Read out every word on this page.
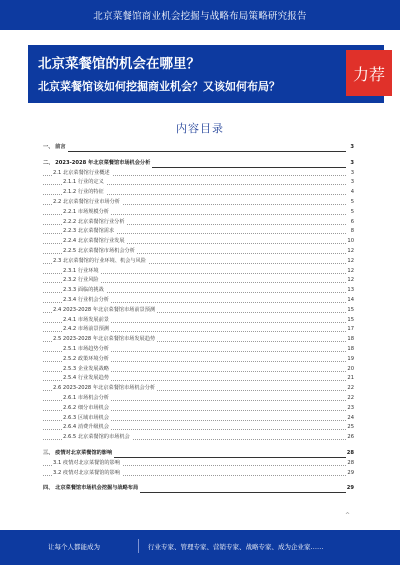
北京菜餐馆商业机会挖掘与战略布局策略研究报告
北京菜餐馆的机会在哪里？
北京菜餐馆该如何挖掘商业机会？又该如何布局？
力荐
内容目录
一、 前言	3
二、 2023-2028 年北京菜餐馆市场机会分析	3
2.1 北京菜餐馆行业概述	3
2.1.1 行业的定义	3
2.1.2 行业的特征	4
2.2 北京菜餐馆行业市场分析	5
2.2.1 市场规模分析	5
2.2.2 北京菜餐馆行业分析	6
2.2.3 北京菜餐馆需求	8
2.2.4 北京菜餐馆行业发展	10
2.2.5 北京菜餐馆市场机会分析	12
2.3 北京菜餐馆的行业环境、机会与风险	12
2.3.1 行业环境	12
2.3.2 行业风险	12
2.3.3 面临的挑战	13
2.3.4 行业机会分析	14
2.4 2023-2028 年北京菜餐馆市场前景预测	15
2.4.1 市场发展前景	15
2.4.2 市场前景预测	17
2.5 2023-2028 年北京菜餐馆市场发展趋势	18
2.5.1 市场趋势分析	18
2.5.2 政策环境分析	19
2.5.3 企业发展战略	20
2.5.4 行业发展趋势	21
2.6 2023-2028 年北京菜餐馆市场机会分析	22
2.6.1 市场机会分析	22
2.6.2 细分市场机会	23
2.6.3 区域市场机会	24
2.6.4 消费升级机会	25
2.6.5 北京菜餐馆的市场机会	26
三、 疫情对北京菜餐馆的影响	28
3.1 疫情对北京菜餐馆的影响	28
3.2 疫情对北京菜餐馆的影响	29
四、 北京菜餐馆市场机会挖掘与战略布局	29
^
让每个人都能成为	行业专家、管理专家、营销专家、战略专家、成为企业家……
